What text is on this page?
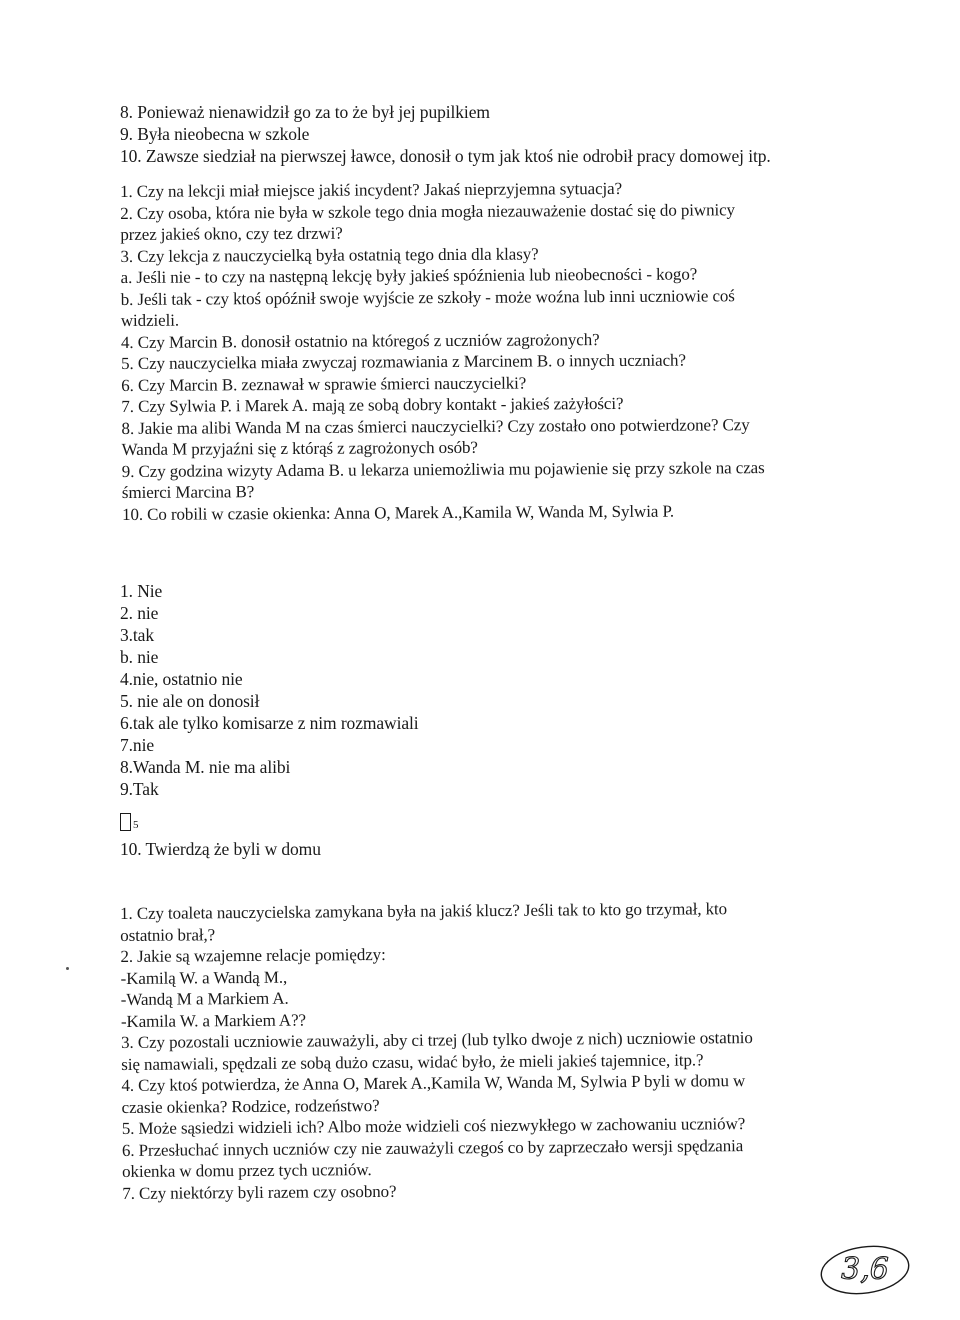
8. Ponieważ nienawidził go za to że był jej pupilkiem
9. Była nieobecna w szkole
10. Zawsze siedział na pierwszej ławce, donosił o tym jak ktoś nie odrobił pracy domowej itp.
1. Czy na lekcji miał miejsce jakiś incydent? Jakaś nieprzyjemna sytuacja?
2. Czy osoba, która nie była w szkole tego dnia mogła niezauważenie dostać się do piwnicy
przez jakieś okno, czy tez drzwi?
3. Czy lekcja z nauczycielką była ostatnią tego dnia dla klasy?
a. Jeśli nie - to czy na następną lekcję były jakieś spóźnienia lub nieobecności - kogo?
b. Jeśli tak - czy ktoś opóźnił swoje wyjście ze szkoły - może woźna lub inni uczniowie coś
widzieli.
4. Czy Marcin B. donosił ostatnio na któregoś z uczniów zagrożonych?
5. Czy nauczycielka miała zwyczaj rozmawiania z Marcinem B. o innych uczniach?
6. Czy Marcin B. zeznawał w sprawie śmierci nauczycielki?
7. Czy Sylwia P. i Marek A. mają ze sobą dobry kontakt - jakieś zażyłości?
8. Jakie ma alibi Wanda M na czas śmierci nauczycielki? Czy zostało ono potwierdzone? Czy
Wanda M przyjaźni się z którąś z zagrożonych osób?
9. Czy godzina wizyty Adama B. u lekarza uniemożliwia mu pojawienie się przy szkole na czas
śmierci Marcina B?
10. Co robili w czasie okienka: Anna O, Marek A.,Kamila W, Wanda M, Sylwia P.
1. Nie
2. nie
3.tak
b. nie
4.nie, ostatnio nie
5. nie ale on donosił
6.tak ale tylko komisarze z nim rozmawiali
7.nie
8.Wanda M. nie ma alibi
9.Tak
5
10. Twierdzą że byli w domu
1. Czy toaleta nauczycielska zamykana była na jakiś klucz? Jeśli tak to kto go trzymał, kto
ostatnio brał,?
2. Jakie są wzajemne relacje pomiędzy:
-Kamilą W. a Wandą M.,
-Wandą M a Markiem A.
-Kamila W. a Markiem A??
3. Czy pozostali uczniowie zauważyli, aby ci trzej (lub tylko dwoje z nich) uczniowie ostatnio
się namawiali, spędzali ze sobą dużo czasu, widać było, że mieli jakieś tajemnice, itp.?
4. Czy ktoś potwierdza, że Anna O, Marek A.,Kamila W, Wanda M, Sylwia P byli w domu w
czasie okienka? Rodzice, rodzeństwo?
5. Może sąsiedzi widzieli ich? Albo może widzieli coś niezwykłego w zachowaniu uczniów?
6. Przesłuchać innych uczniów czy nie zauważyli czegoś co by zaprzeczało wersji spędzania
okienka w domu przez tych uczniów.
7. Czy niektórzy byli razem czy osobno?
3,6
